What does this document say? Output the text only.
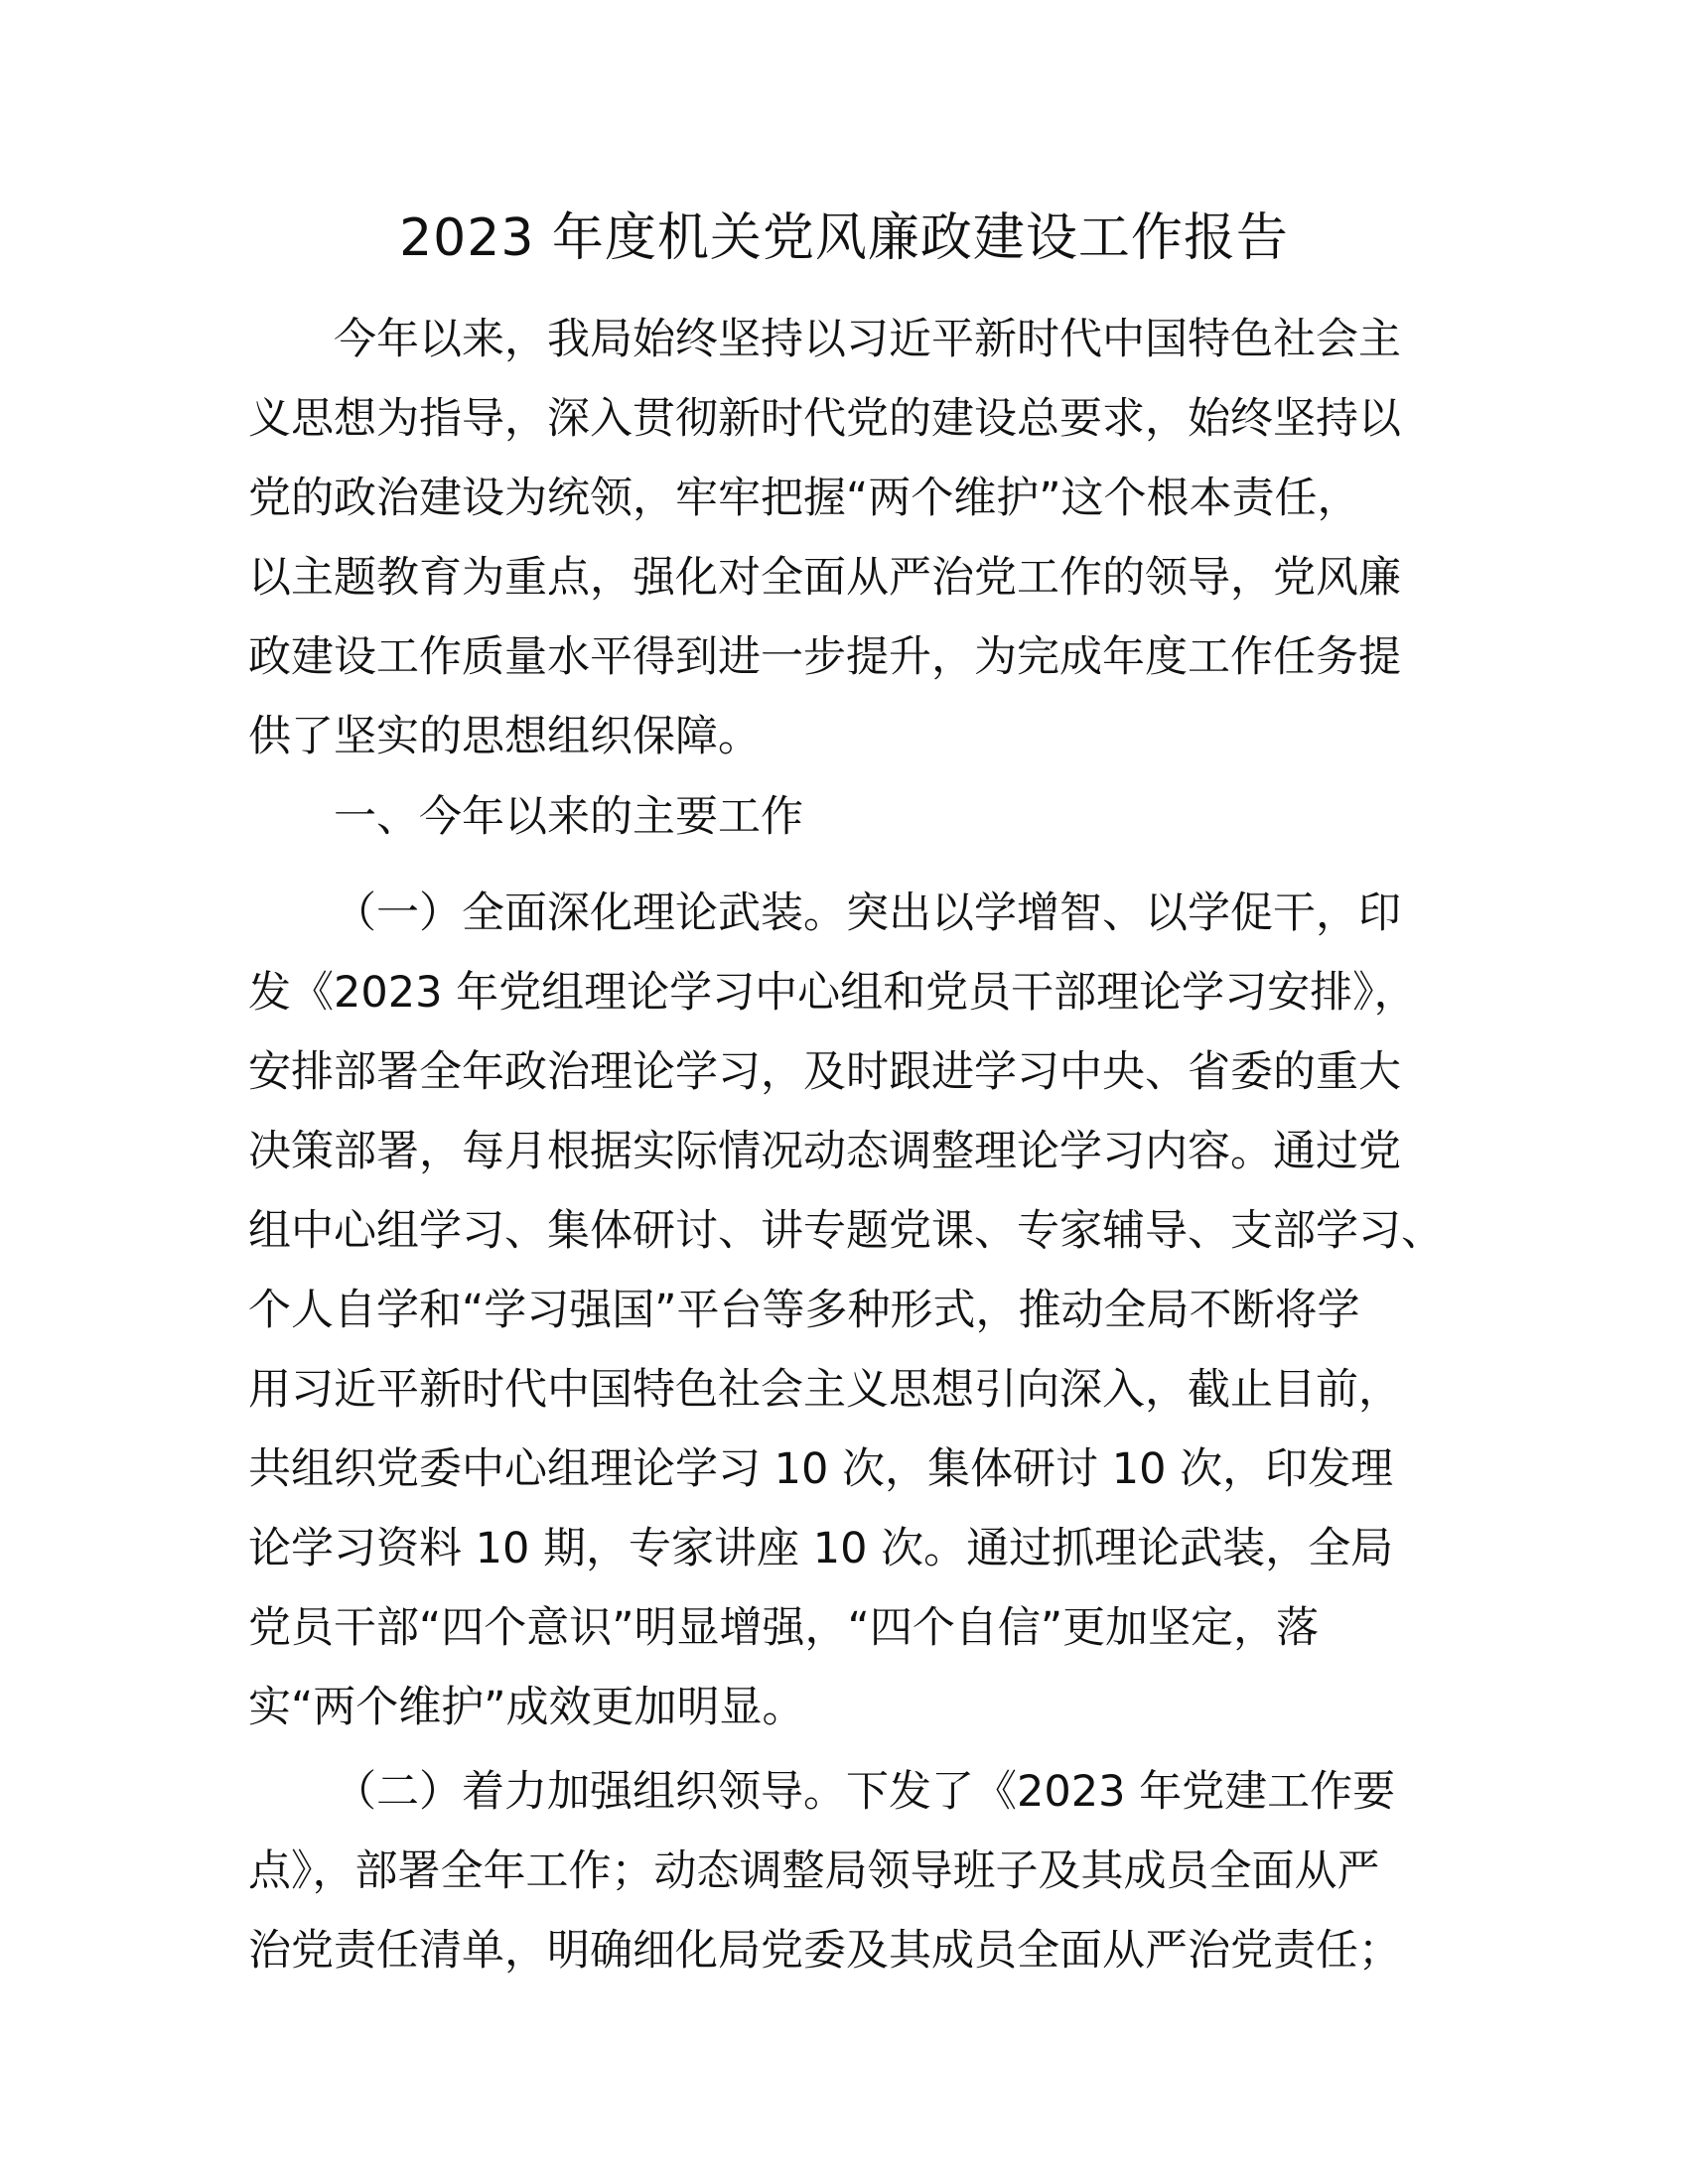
2023 年度机关党风廉政建设工作报告
今年以来，我局始终坚持以习近平新时代中国特色社会主
义思想为指导，深入贯彻新时代党的建设总要求，始终坚持以
党的政治建设为统领，牢牢把握“两个维护”这个根本责任，
以主题教育为重点，强化对全面从严治党工作的领导，党风廉
政建设工作质量水平得到进一步提升，为完成年度工作任务提
供了坚实的思想组织保障。
一、今年以来的主要工作
（一）全面深化理论武装。突出以学增智、以学促干，印
发《2023 年党组理论学习中心组和党员干部理论学习安排》，
安排部署全年政治理论学习，及时跟进学习中央、省委的重大
决策部署，每月根据实际情况动态调整理论学习内容。通过党
组中心组学习、集体研讨、讲专题党课、专家辅导、支部学习、
个人自学和“学习强国”平台等多种形式，推动全局不断将学
用习近平新时代中国特色社会主义思想引向深入，截止目前，
共组织党委中心组理论学习 10 次，集体研讨 10 次，印发理
论学习资料 10 期，专家讲座 10 次。通过抓理论武装，全局
党员干部“四个意识”明显增强，“四个自信”更加坚定，落
实“两个维护”成效更加明显。
（二）着力加强组织领导。下发了《2023 年党建工作要
点》，部署全年工作；动态调整局领导班子及其成员全面从严
治党责任清单，明确细化局党委及其成员全面从严治党责任；
